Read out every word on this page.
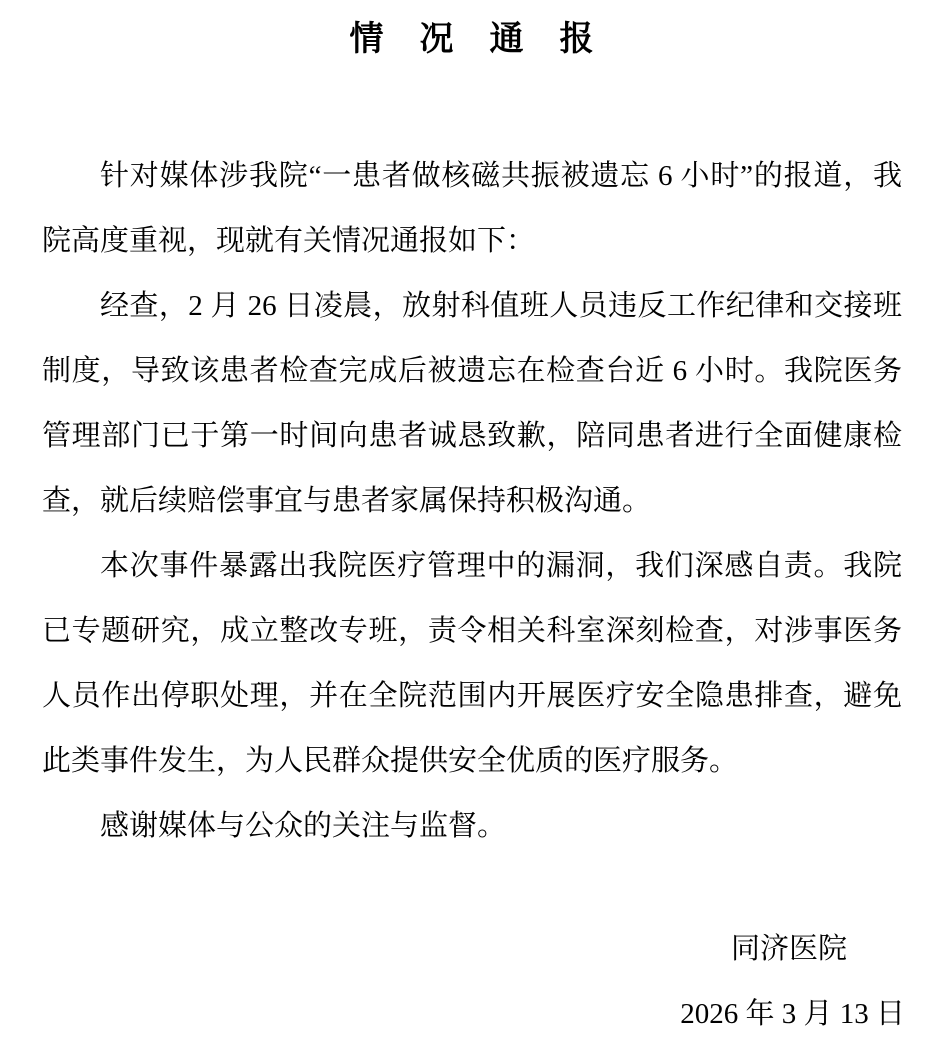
情　况　通　报

针对媒体涉我院“一患者做核磁共振被遗忘 6 小时”的报道，我院高度重视，现就有关情况通报如下：

经查，2 月 26 日凌晨，放射科值班人员违反工作纪律和交接班制度，导致该患者检查完成后被遗忘在检查台近 6 小时。我院医务管理部门已于第一时间向患者诚恳致歉，陪同患者进行全面健康检查，就后续赔偿事宜与患者家属保持积极沟通。

本次事件暴露出我院医疗管理中的漏洞，我们深感自责。我院已专题研究，成立整改专班，责令相关科室深刻检查，对涉事医务人员作出停职处理，并在全院范围内开展医疗安全隐患排查，避免此类事件发生，为人民群众提供安全优质的医疗服务。

感谢媒体与公众的关注与监督。

同济医院
2026 年 3 月 13 日
